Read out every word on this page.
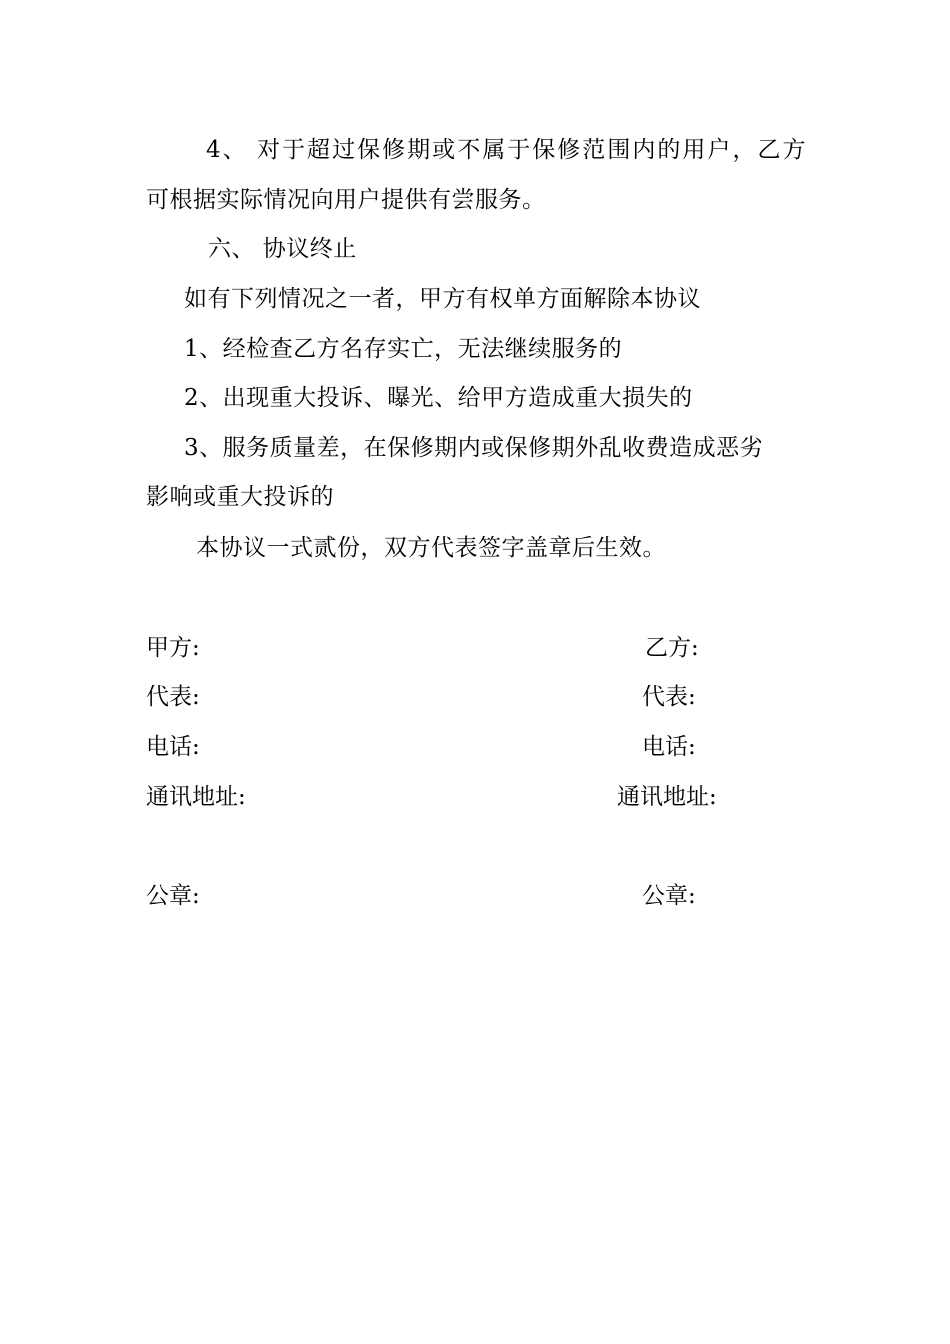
4、 对于超过保修期或不属于保修范围内的用户，乙方
可根据实际情况向用户提供有尝服务。
六、 协议终止
如有下列情况之一者，甲方有权单方面解除本协议
1、经检查乙方名存实亡，无法继续服务的
2、出现重大投诉、曝光、给甲方造成重大损失的
3、服务质量差，在保修期内或保修期外乱收费造成恶劣
影响或重大投诉的
本协议一式贰份，双方代表签字盖章后生效。
甲方:
代表:
电话:
通讯地址:
公章:
乙方:
代表:
电话:
通讯地址:
公章:
